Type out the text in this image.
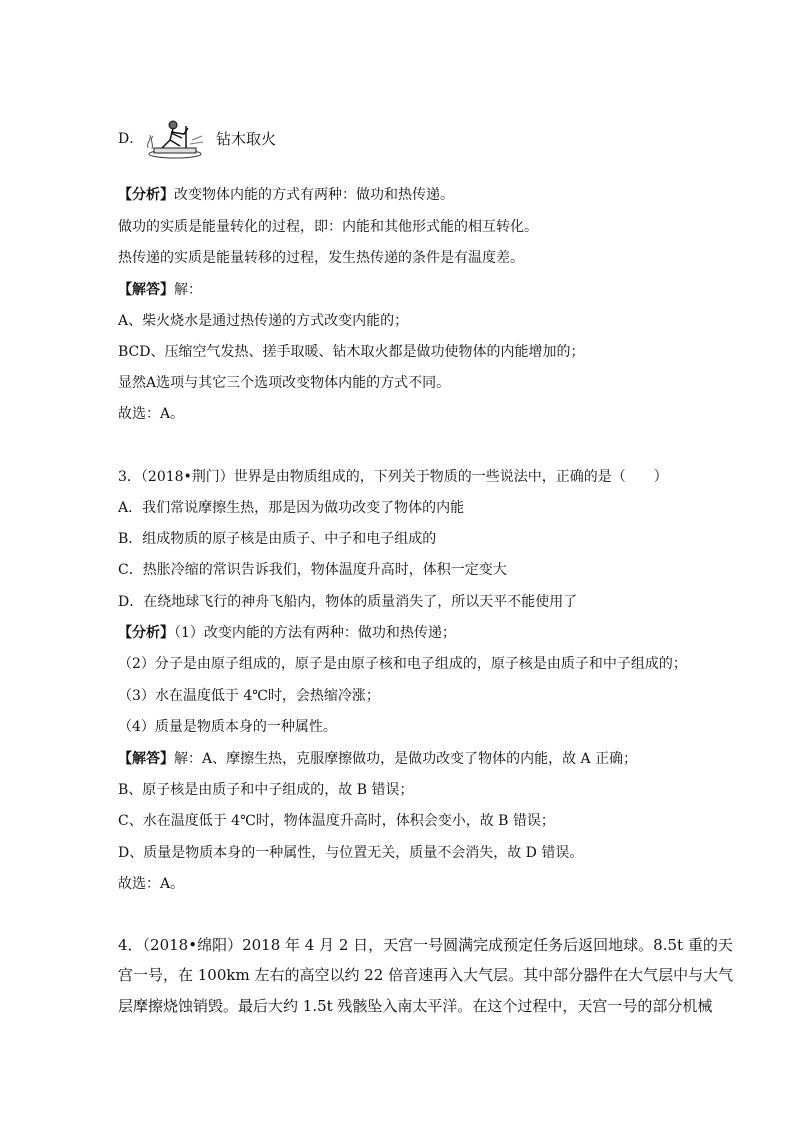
D．	钻木取火
【分析】改变物体内能的方式有两种：做功和热传递。
做功的实质是能量转化的过程，即：内能和其他形式能的相互转化。
热传递的实质是能量转移的过程，发生热传递的条件是有温度差。
【解答】解：
A、柴火烧水是通过热传递的方式改变内能的；
BCD、压缩空气发热、搓手取暖、钻木取火都是做功使物体的内能增加的；
显然A选项与其它三个选项改变物体内能的方式不同。
故选：A。
3．（2018•荆门）世界是由物质组成的，下列关于物质的一些说法中，正确的是（　　）
A．我们常说摩擦生热，那是因为做功改变了物体的内能
B．组成物质的原子核是由质子、中子和电子组成的
C．热胀冷缩的常识告诉我们，物体温度升高时，体积一定变大
D．在绕地球飞行的神舟飞船内，物体的质量消失了，所以天平不能使用了
【分析】（1）改变内能的方法有两种：做功和热传递；
（2）分子是由原子组成的，原子是由原子核和电子组成的，原子核是由质子和中子组成的；
（3）水在温度低于 4℃时，会热缩冷涨；
（4）质量是物质本身的一种属性。
【解答】解：A、摩擦生热，克服摩擦做功，是做功改变了物体的内能，故 A 正确；
B、原子核是由质子和中子组成的，故 B 错误；
C、水在温度低于 4℃时，物体温度升高时，体积会变小，故 B 错误；
D、质量是物质本身的一种属性，与位置无关，质量不会消失，故 D 错误。
故选：A。
4．（2018•绵阳）2018 年 4 月 2 日，天宫一号圆满完成预定任务后返回地球。8.5t 重的天
宫一号，在 100km 左右的高空以约 22 倍音速再入大气层。其中部分器件在大气层中与大气
层摩擦烧蚀销毁。最后大约 1.5t 残骸坠入南太平洋。在这个过程中，天宫一号的部分机械
